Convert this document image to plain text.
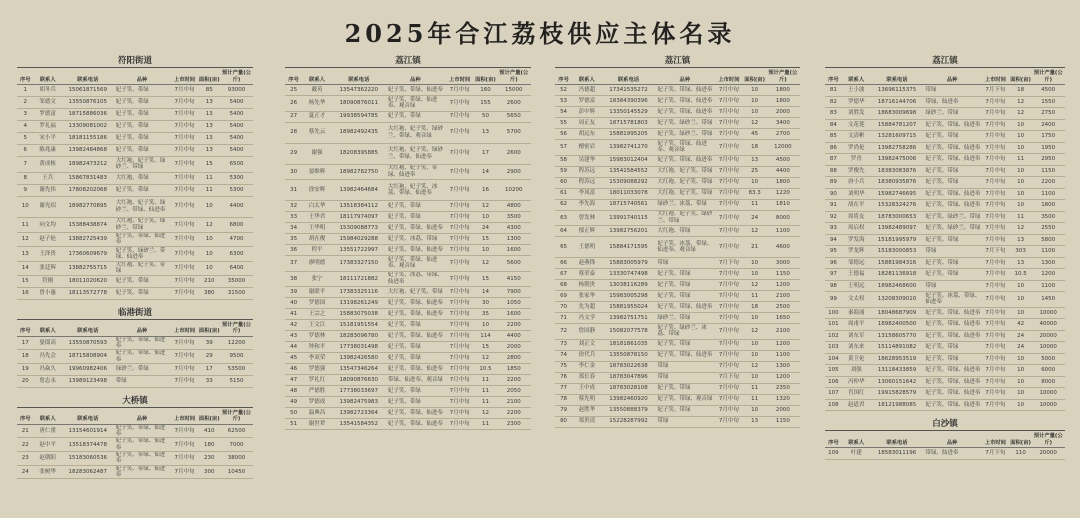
2025年合江荔枝供应主体名录
符阳街道
序号	联系人	联系电话	品种	上市时间	面积(亩)	预计产量(公斤)
1	胡冬兵	15061871569	妃子笑、带绿	7月中旬	85	93000
2	邹德文	13550876105	妃子笑、带绿	7月中旬	13	5400
3	罗德富	18715886036	妃子笑、带绿	7月中旬	13	5400
4	罗礼福	13309081002	妃子笑、带绿	7月中旬	13	5400
5	宋小平	18181155186	妃子笑、带绿	7月中旬	13	5400
6	陈兆康	13982484868	妃子笑、带绿	7月中旬	13	5400
7	黄成栋	18982473212	大红袍、妃子笑、绿砂兰、带绿	7月中旬	15	6500
8	王兵	15867831483	大红袍、带绿	7月中旬	11	5300
9	谢先伟	17808202068	妃子笑、带绿	7月中旬	11	5300
10	谢光绍	18982770895	大红袍、妃子笑、绿砂兰、带绿、仙进奉	7月中旬	10	4400
11	向文均	15388438874	大红袍、妃子笑、绿砂兰、带绿	7月中旬	12	6800
12	赵子伦	13882725439	妃子笑、带绿、仙进奉	7月中旬	10	4700
13	王泽贵	17360609679	妃子笑、绿砂兰、带绿、仙进奉	7月中旬	10	6300
14	张廷辉	13882755715	大红袍、妃子笑、带绿	7月中旬	10	6400
15	符刚	18011020620	妃子笑、带绿	7月中旬	210	35000
16	曾小惠	18113572778	妃子笑、带绿	7月中旬	380	31500
临港街道
序号	联系人	联系电话	品种	上市时间	面积(亩)	预计产量(公斤)
17	晏郎高	13550870593	妃子笑、带绿、仙进奉	7月中旬	39	12200
18	冯先会	18715808904	妃子笑、带绿、仙进奉	7月中旬	29	9500
19	冯焱久	19960982406	绿砂兰、带绿	7月中旬	17	53500
20	詹志永	13989123498	带绿	7月中旬	33	5150
大桥镇
序号	联系人	联系电话	品种	上市时间	面积(亩)	预计产量(公斤)
21	唐仁重	13154601914	妃子笑、带绿、仙进奉	7月中旬	410	62500
22	赵中平	13518374478	妃子笑、带绿、仙进奉	7月中旬	180	7000
23	赵朝阳	15183060536	妃子笑、带绿、仙进奉	7月中旬	230	38000
24	张树华	18283062487	妃子笑、带绿、仙进奉	7月中旬	300	10450
荔江镇
序号	联系人	联系电话	品种	上市时间	面积(亩)	预计产量(公斤)
25	戴英	13547362220	妃子笑、带绿、仙进奉	7月中旬	160	15000
26	杨先华	18090876011	妃子笑、带绿、仙进奉、观音绿	7月中旬	155	2600
27	夏正才	19938594785	妃子笑、带绿	7月中旬	50	5650
28	蔡先云	18982492435	大红袍、妃子笑、绿砂兰、带绿、观音绿	7月中旬	13	5700
29	谢强	18208395885	大红袍、妃子笑、绿砂兰、带绿、仙进奉	7月中旬	17	2600
30	晏维辉	18982782750	大红袍、妃子笑、带绿、仙进奉	7月中旬	14	2900
31	徐安辉	13982464684	大红袍、妃子笑、冰荔、带绿、仙进奉	7月中旬	16	10200
32	白太华	13518384112	妃子笑、带绿	7月中旬	12	4800
33	王华君	18117974097	妃子笑、带绿	7月中旬	10	3500
34	王华明	15309088773	妃子笑、带绿、仙进奉	7月中旬	24	4300
35	胡在俊	15984029288	妃子笑、冰荔、带绿	7月中旬	15	1300
36	程平	13551722997	妃子笑、带绿、仙进奉	7月中旬	10	1600
37	廖明德	17383327150	妃子笑、带绿、仙进奉、观音绿	7月中旬	12	5600
38	张宁	18111721882	妃子笑、冰荔、带绿、仙进奉	7月中旬	15	4150
39	谢联平	17383325116	大红袍、妃子笑、带绿	7月中旬	14	7900
40	罗德国	13198261249	妃子笑、带绿、仙进奉	7月中旬	30	1050
41	王宗之	15883075038	妃子笑、带绿、仙进奉	7月中旬	35	1600
42	王文江	15181951554	妃子笑、带绿	7月中旬	10	2200
43	罗德林	18283096780	妃子笑、带绿、仙进奉	7月中旬	114	4400
44	钟和平	17738031498	妃子笑、带绿	7月中旬	15	2000
45	李双荣	13982426580	妃子笑、带绿	7月中旬	12	2800
46	罗德强	13547346264	妃子笑、带绿、仙进奉	7月中旬	10.5	1850
47	罗礼红	18090876630	带绿、仙进奉、观音绿	7月中旬	11	2200
48	严德胜	17738033697	妃子笑、带绿	7月中旬	11	2050
49	罗德成	13982475983	妃子笑、带绿	7月中旬	11	2100
50	温典昌	13982723364	妃子笑、带绿、仙进奉	7月中旬	12	2200
51	谢世辈	13541584352	妃子笑、带绿、仙进奉	7月中旬	11	2300
荔江镇
序号	联系人	联系电话	品种	上市时间	面积(亩)	预计产量(公斤)
52	冯德超	17341535272	妃子笑、带绿、仙进奉	7月中旬	10	1800
53	罗德富	18384390396	妃子笑、带绿、仙进奉	7月中旬	10	1800
54	彭中辉	13350145529	妃子笑、带绿、仙进奉	7月中旬	10	2000
55	周正友	18715781803	妃子笑、绿砂兰、带绿	7月中旬	12	3400
56	胡远东	15881995205	妃子笑、绿砂兰、带绿	7月中旬	45	2700
57	檀密岩	13982741270	妃子笑、带绿、仙进奉、观音绿	7月中旬	18	12000
58	吴建华	15983012404	妃子笑、带绿、仙进奉	7月中旬	13	4500
59	程苏远	13541584552	大红袍、妃子笑、带绿	7月中旬	25	4400
60	程苏远	15309088292	大红袍、妃子笑、带绿	7月中旬	10	1800
61	李凤富	18011033078	大红袍、妃子笑、带绿	7月中旬	83.3	1220
62	李先海	18715740561	绿砂兰、冰荔、带绿	7月中旬	11	1810
63	曾发林	13991740115	大红袍、妃子笑、绿砂兰、带绿	7月中旬	24	8000
64	郁正辉	13982756201	大红袍、带绿	7月中旬	12	1100
65	王德明	15884171595	妃子笑、冰荔、带绿、仙进奉、观音绿	7月中旬	21	4600
66	赵燕锋	15883005979	带绿	7月下旬	10	3000
67	蔡荣泰	13330747498	妃子笑、带绿	7月中旬	10	1150
68	杨朝贵	13038116289	妃子笑、带绿	7月中旬	12	1200
69	张家华	15983005298	妃子笑、带绿	7月中旬	11	2100
70	先为超	15881955024	妃子笑、带绿、仙进奉	7月中旬	18	2500
71	冯文学	13982751751	绿砂兰、带绿	7月中旬	10	1650
72	詹国静	15082077578	妃子笑、绿砂兰、冰荔、带绿	7月中旬	12	2100
73	刘正文	18181861035	妃子笑、带绿	7月中旬	10	1200
74	徐代兵	13550878150	妃子笑、带绿、仙进奉	7月中旬	10	1100
75	李仁金	18783022638	带绿	7月中旬	12	1300
76	郑长春	18783047896	带绿	7月下旬	10	1200
77	王中成	18783028108	妃子笑、带绿	7月中旬	11	2350
78	蔡先明	13982460920	妃子笑、带绿、观音绿	7月中旬	11	1320
79	赵胜华	13550888379	妃子笑、带绿	7月中旬	10	2000
80	郑贵清	15228287992	带绿	7月中旬	13	1150
荔江镇
序号	联系人	联系电话	品种	上市时间	面积(亩)	预计产量(公斤)
81	王小波	13696115375	带绿	7月下旬	18	4500
82	罗德华	18716144706	带绿、仙进奉	7月中旬	12	1550
83	刘胜发	18683009698	绿砂兰、带绿	7月中旬	12	2750
84	文花莲	15884781207	妃子笑、带绿、仙进奉	7月中旬	10	2400
85	文清彬	13281609715	妃子笑、带绿	7月中旬	10	1750
86	罗尚伦	13982758286	妃子笑、带绿、仙进奉	7月中旬	10	1950
87	罗青	13982475006	妃子笑、带绿、仙进奉	7月中旬	11	2950
88	罗俊先	18383083876	妃子笑、带绿	7月中旬	10	1150
89	唐小兵	18380935876	妃子笑、带绿	7月中旬	10	2200
90	刘明华	15982746695	妃子笑、带绿、仙进奉	7月中旬	10	1100
91	胡在平	15328324276	妃子笑、带绿、仙进奉	7月中旬	10	1800
92	周将友	18783000653	妃子笑、绿砂兰、带绿	7月中旬	11	3500
93	周启权	13982489097	妃子笑、绿砂兰、带绿	7月中旬	12	2550
94	罗发海	15181995979	妃子笑、带绿	7月中旬	13	5800
95	罗龙辉	15183000853	带绿	7月下旬	303	1100
96	邹德远	15881984316	妃子笑、带绿	7月中旬	13	1300
97	王德福	18281136918	妃子笑、带绿	7月中旬	10.5	1200
98	王明远	18982468600	带绿	7月中旬	10	1100
99	文太权	13208309010	妃子笑、冰荔、带绿、仙进奉	7月中旬	10	1450
100	秦海涌	18048687909	妃子笑、带绿、仙进奉	7月中旬	10	10000
101	周甫平	18982400500	妃子笑、带绿、仙进奉	7月中旬	42	40000
102	刘东军	13158605770	妃子笑、带绿、仙进奉	7月中旬	24	20000
103	刘东来	15114891082	妃子笑、带绿	7月中旬	24	10000
104	黄卫伦	18628953519	妃子笑、带绿	7月中旬	10	5000
105	刘强	13118433859	妃子笑、带绿、仙进奉	7月中旬	10	6000
106	冯仲华	13060151642	妃子笑、带绿、仙进奉	7月中旬	10	8000
107	肖国红	19915828579	妃子笑、带绿、仙进奉	7月中旬	10	10000
108	赵道君	18121988085	妃子笑、带绿、仙进奉	7月中旬	10	10000
白沙镇
序号	联系人	联系电话	品种	上市时间	面积(亩)	预计产量(公斤)
109	叶建	18583011196	带绿、仙进奉	7月下旬	110	20000
